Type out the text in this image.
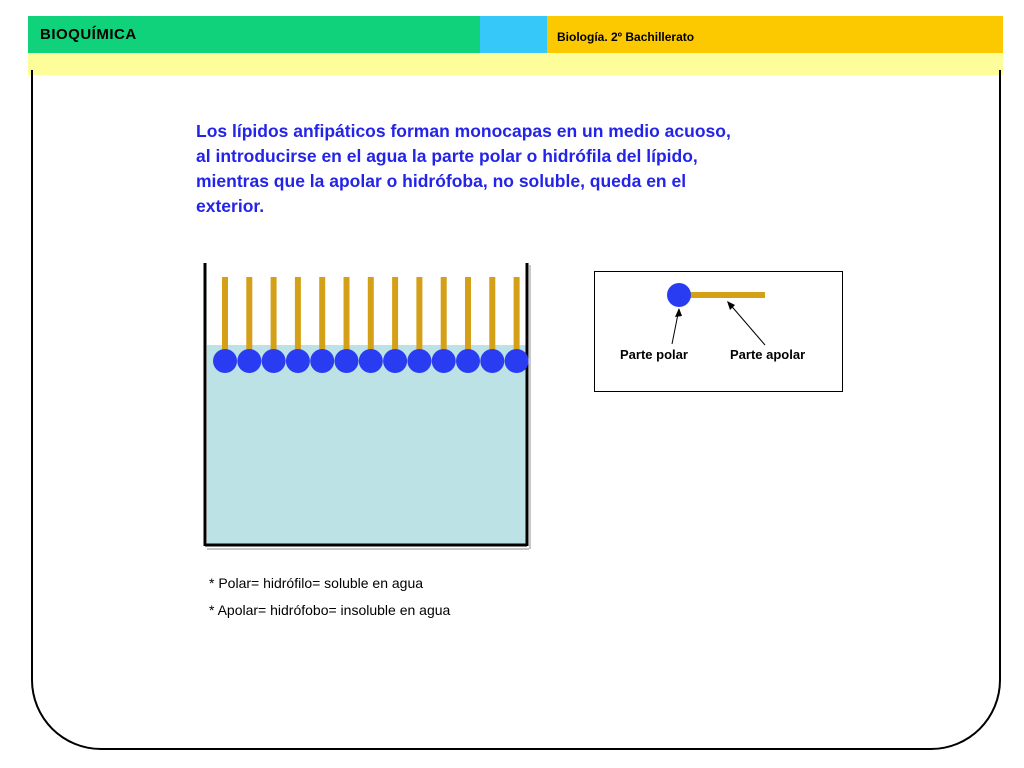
BIOQUÍMICA	Biología. 2º Bachillerato
Los lípidos anfipáticos forman monocapas en un medio acuoso,
al introducirse en el agua la parte polar o hidrófila del lípido,
mientras que la apolar o hidrófoba, no soluble, queda en el
exterior.
Parte polar	Parte apolar
* Polar= hidrófilo= soluble en agua
* Apolar= hidrófobo= insoluble en agua
